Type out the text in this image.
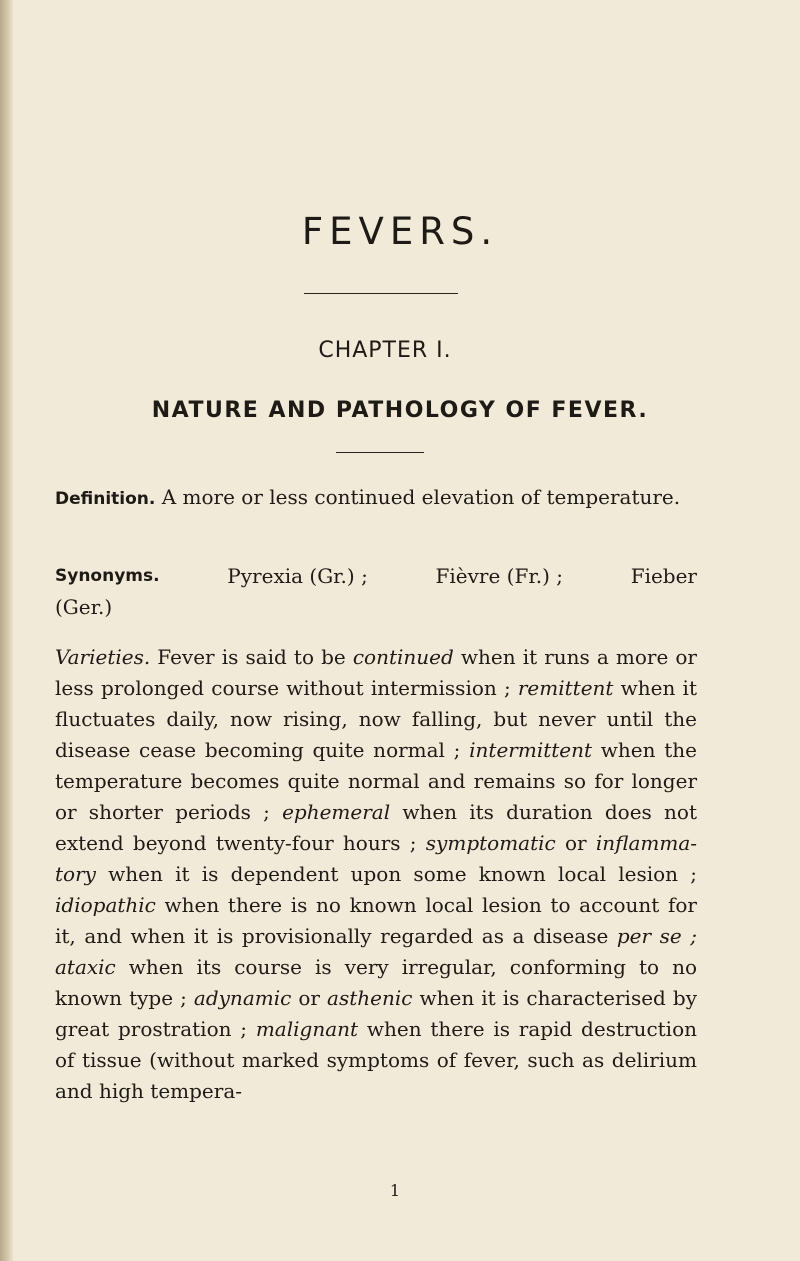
FEVERS.
CHAPTER I.
NATURE AND PATHOLOGY OF FEVER.

Definition. A more or less continued elevation of temperature.

Synonyms.	Pyrexia (Gr.) ;	Fièvre (Fr.) ;	Fieber
(Ger.)

Varieties. Fever is said to be continued when it runs a more or less prolonged course without intermission ; remittent when it fluctuates daily, now rising, now falling, but never until the disease cease becoming quite normal ; intermittent when the temperature becomes quite normal and remains so for longer or shorter periods ; ephemeral when its duration does not extend beyond twenty-four hours ; symptomatic or inflamma-tory when it is dependent upon some known local lesion ; idiopathic when there is no known local lesion to account for it, and when it is provisionally regarded as a disease per se ; ataxic when its course is very irregular, conforming to no known type ; adynamic or asthenic when it is characterised by great prostration ; malignant when there is rapid destruction of tissue (without marked symptoms of fever, such as delirium and high tempera-

1
